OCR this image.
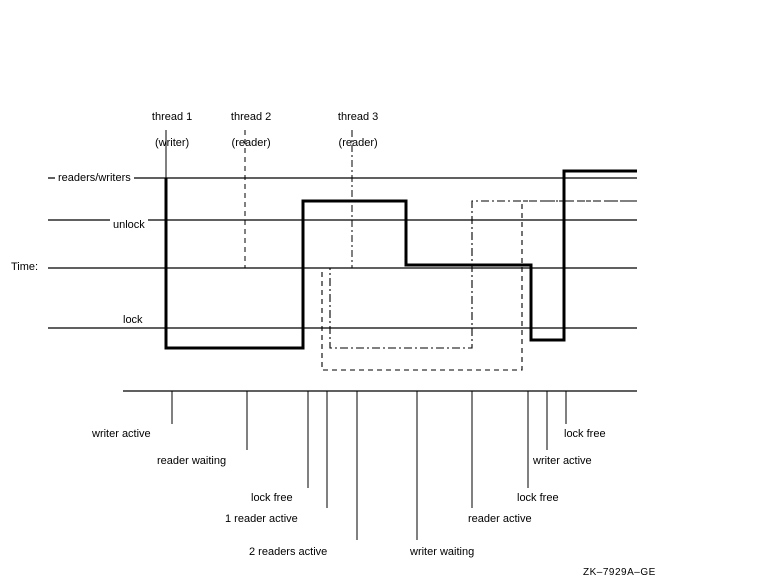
thread 1

(writer)

thread 2

(reader)

thread 3

(reader)

readers/writers
unlock
Time:
lock
writer active
reader waiting
lock free
1 reader active
2 readers active	writer waiting
reader active
lock free
writer active
lock free
ZK–7929A–GE
